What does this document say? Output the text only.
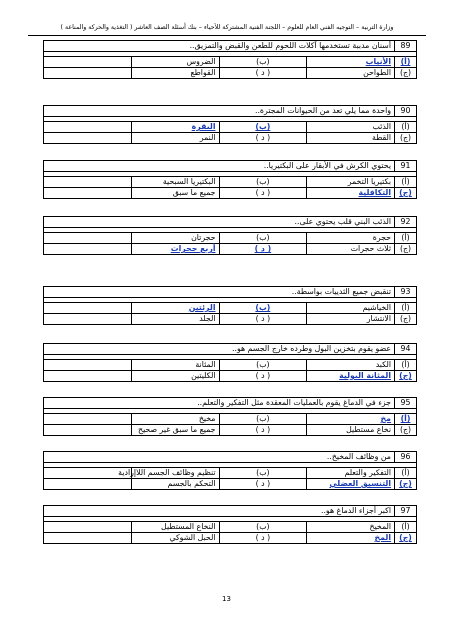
وزارة التربية – التوجيه الفني العام للعلوم – اللجنة الفنية المشتركة للأحياء – بنك أسئلة الصف العاشر ( التغذية والحركة والمناعة )
89	أسنان مدببة تستخدمها آكلات اللحوم للطعن والقبض والتمزيق..			

(أ)	الأنياب	(ب)	الضروس	
(ج)	الطواحن	( د )	القواطع	
90	واحدة مما يلي تعد من الحيوانات المجترة..			

(أ)	الذئب	(ب)	البقرة	
(ج)	القطة	( د )	النمر	
91	يحتوي الكرش في الأبقار على البكتيريا..			

(أ)	بكتيريا التخمر	(ب)	البكتيريا السبحية	
(ج)	التكافلية	( د )	جميع ما سبق	
92	الذئب البني قلب يحتوي على..			

(أ)	حجرة	(ب)	حجرتان	
(ج)	ثلاث حجرات	( د )	أربع حجرات	
93	تنقبض جميع الثدييات بواسطة..			

(أ)	الخياشيم	(ب)	الرئتين	
(ج)	الانتشار	( د )	الجلد	
94	عضو يقوم بتخزين البول وطرده خارج الجسم هو..			

(أ)	الكبد	(ب)	المثانة	
(ج)	المثانة البولية	( د )	الكليتين	
95	جزء في الدماغ يقوم بالعمليات المعقدة مثل التفكير والتعلم..			

(أ)	مخ	(ب)	مخيخ	
(ج)	نخاع مستطيل	( د )	جميع ما سبق غير صحيح	
96	من وظائف المخيخ..			

(أ)	التفكير والتعلم	(ب)	تنظيم وظائف الجسم اللاإرادية	
(ج)	التنسيق العضلي	( د )	التحكم بالجسم	
97	اكبر أجزاء الدماغ هو..			

(أ)	المخيخ	(ب)	النخاع المستطيل	
(ج)	المخ	( د )	الحبل الشوكي	
13
